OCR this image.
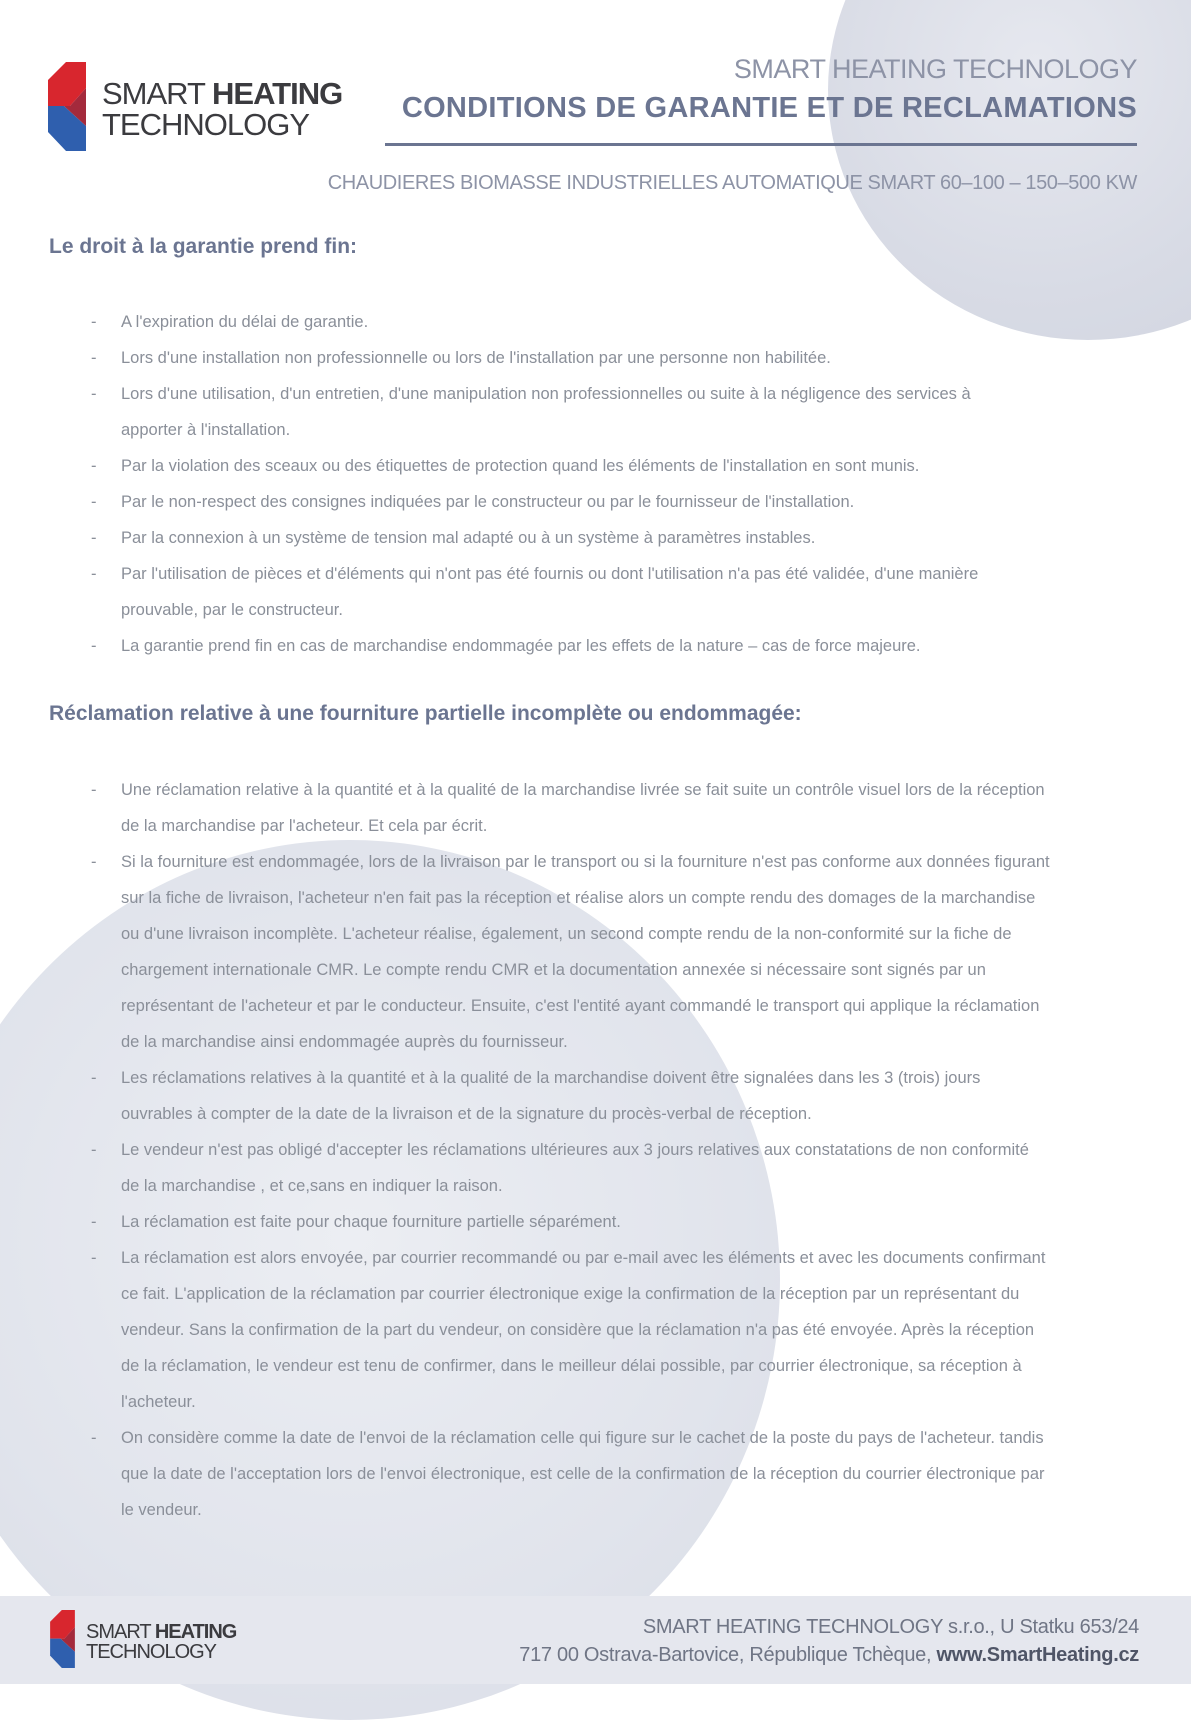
SMART HEATING
TECHNOLOGY
SMART HEATING TECHNOLOGY
CONDITIONS DE GARANTIE ET DE RECLAMATIONS
CHAUDIERES BIOMASSE INDUSTRIELLES AUTOMATIQUE SMART 60–100 – 150–500 KW
Le droit à la garantie prend fin:
- A l'expiration du délai de garantie.
- Lors d'une installation non professionnelle ou lors de l'installation par une personne non habilitée.
- Lors d'une utilisation, d'un entretien, d'une manipulation non professionnelles ou suite à la négligence des services à apporter à l'installation.
- Par la violation des sceaux ou des étiquettes de protection quand les éléments de l'installation en sont munis.
- Par le non-respect des consignes indiquées par le constructeur ou par le fournisseur de l'installation.
- Par la connexion à un système de tension mal adapté ou à un système à paramètres instables.
- Par l'utilisation de pièces et d'éléments qui n'ont pas été fournis ou dont l'utilisation n'a pas été validée, d'une manière prouvable, par le constructeur.
- La garantie prend fin en cas de marchandise endommagée par les effets de la nature – cas de force majeure.
Réclamation relative à une fourniture partielle incomplète ou endommagée:
- Une réclamation relative à la quantité et à la qualité de la marchandise livrée se fait suite un contrôle visuel lors de la réception de la marchandise par l'acheteur. Et cela par écrit.
- Si la fourniture est endommagée, lors de la livraison par le transport ou si la fourniture n'est pas conforme aux données figurant sur la fiche de livraison, l'acheteur n'en fait pas la réception et réalise alors un compte rendu des domages de la marchandise ou d'une livraison incomplète. L'acheteur réalise, également, un second compte rendu de la non-conformité sur la fiche de chargement internationale CMR. Le compte rendu CMR et la documentation annexée si nécessaire sont signés par un représentant de l'acheteur et par le conducteur. Ensuite, c'est l'entité ayant commandé le transport qui applique la réclamation de la marchandise ainsi endommagée auprès du fournisseur.
- Les réclamations relatives à la quantité et à la qualité de la marchandise doivent être signalées dans les 3 (trois) jours ouvrables à compter de la date de la livraison et de la signature du procès-verbal de réception.
- Le vendeur n'est pas obligé d'accepter les réclamations ultérieures aux 3 jours relatives aux constatations de non conformité de la marchandise , et ce,sans en indiquer la raison.
- La réclamation est faite pour chaque fourniture partielle séparément.
- La réclamation est alors envoyée, par courrier recommandé ou par e-mail avec les éléments et avec les documents confirmant ce fait. L'application de la réclamation par courrier électronique exige la confirmation de la réception par un représentant du vendeur. Sans la confirmation de la part du vendeur, on considère que la réclamation n'a pas été envoyée. Après la réception de la réclamation, le vendeur est tenu de confirmer, dans le meilleur délai possible, par courrier électronique, sa réception à l'acheteur.
- On considère comme la date de l'envoi de la réclamation celle qui figure sur le cachet de la poste du pays de l'acheteur. tandis que la date de l'acceptation lors de l'envoi électronique, est celle de la confirmation de la réception du courrier électronique par le vendeur.
SMART HEATING
TECHNOLOGY
SMART HEATING TECHNOLOGY s.r.o., U Statku 653/24
717 00 Ostrava-Bartovice, République Tchèque, www.SmartHeating.cz
